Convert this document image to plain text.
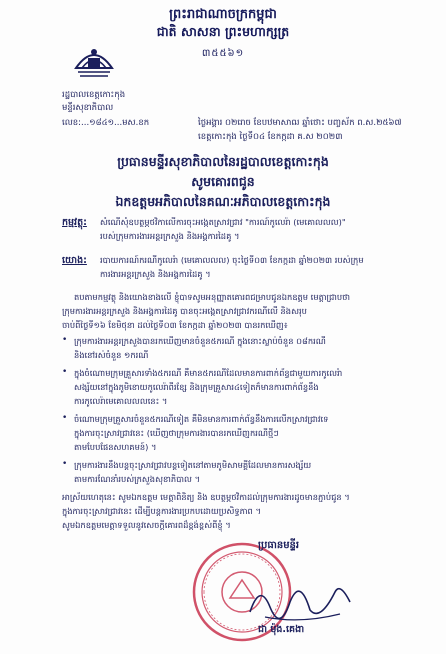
ព្រះរាជាណាចក្រកម្ពុជា
ជាតិ សាសនា ព្រះមហាក្សត្រ
៣៥៥៦១
រដ្ឋបាលខេត្តកោះកុង
មន្ទីរសុខាភិបាល
លេខ:...១៨៤១...មស.ខក	ថ្ងៃអង្គារ ០២រោច ខែបឋមាសាឍ ឆ្នាំថោះ បញ្ចស័ក ព.ស.២៥៦៧
ខេត្តកោះកុង ថ្ងៃទី០៤ ខែកក្កដា គ.ស ២០២៣
ប្រធានមន្ទីរសុខាភិបាលនៃរដ្ឋបាលខេត្តកោះកុង
សូមគោរពជូន
ឯកឧត្តមអភិបាលនៃគណៈអភិបាលខេត្តកោះកុង
កម្មវត្ថុ: សំណើសុំឧបត្ថម្ភថវិកាលើការចុះអង្កេតស្រាវជ្រាវ "ការណ៍កូលេរ៉ា (មេគោលលល)"
របស់ក្រុមការងារអន្តរក្រសួង និងអង្គការដៃគូ ។
យោង: របាយការណ៍ករណីកូលេរ៉ា (មេគោលលល) ចុះថ្ងៃទី០៣ ខែកក្កដា ឆ្នាំ២០២៣ របស់ក្រុម
ការងារអន្តរក្រសួង និងអង្គការដៃគូ ។
តបតាមកម្មវត្ថុ និងយោងខាងលើ ខ្ញុំបាទសូមអនុញ្ញាតគោរពជម្រាបជូនឯកឧត្តម មេត្តាជ្រាបថា
ក្រុមការងារអន្តរក្រសួង និងអង្គការដៃគូ បានចុះអង្កេតស្រាវជ្រាវករណីលើ និងសរុប
ចាប់ពីថ្ងៃទី១៦ ខែមិថុនា ដល់ថ្ងៃទី០៣ ខែកក្កដា ឆ្នាំ២០២៣ បានរកឃើញ៖
• ក្រុមការងារអន្តរក្រសួងបានរកឃើញមានចំនួន៥ករណី ក្នុងនោះស្លាប់ចំនួន ០៨ករណី
និងនៅរស់ចំនួន ១ករណី
• ក្នុងចំណោមក្រុមគ្រួសារទាំង៥ករណី គឺមាន៥ករណីដែលមានការពាក់ព័ន្ធជាមួយការកូលេរ៉ា
សង្ស័យនៅក្នុងភូមិខោយកូលេរ៉ាពីរខ្សែ និងក្រុមគ្រួសារ៤ទៀតក៏មានការពាក់ព័ន្ធនឹង
ការកូលេរ៉ាមេគោលលលនេះ ។
• ចំណោមក្រុមគ្រួសារចំនួន៥ករណីទៀត គឺមិនមានការពាក់ព័ន្ធនឹងការលើកស្រាវជ្រាវទេ
ក្នុងការចុះស្រាវជ្រាវនេះ (ឃើញថាក្រុមការងារបានរកឃើញករណីថ្មីៗ
តាមបែបផែនសហគមន៍) ។
• ក្រុមការងារនឹងបន្តចុះស្រាវជ្រាវបន្តទៀតនៅតាមភូមិសាមគ្គីដែលមានការសង្ស័យ
តាមការណែនាំរបស់ក្រសួងសុខាភិបាល ។
អាស្រ័យហេតុនេះ សូមឯកឧត្តម មេត្តាពិនិត្យ និង ឧបត្ថម្ភថវិកាដល់ក្រុមការងារដូចមានភ្ជាប់ជូន ។
ក្នុងការចុះស្រាវជ្រាវនេះ ដើម្បីបន្តការងារប្រកបដោយប្រសិទ្ធភាព ។
សូមឯកឧត្តមមេត្តាទទួលនូវសេចក្តីគោរពដ៏ខ្ពង់ខ្ពស់ពីខ្ញុំ ។
ប្រធានមន្ទីរ
ជា ម៉ុង.គេងា
